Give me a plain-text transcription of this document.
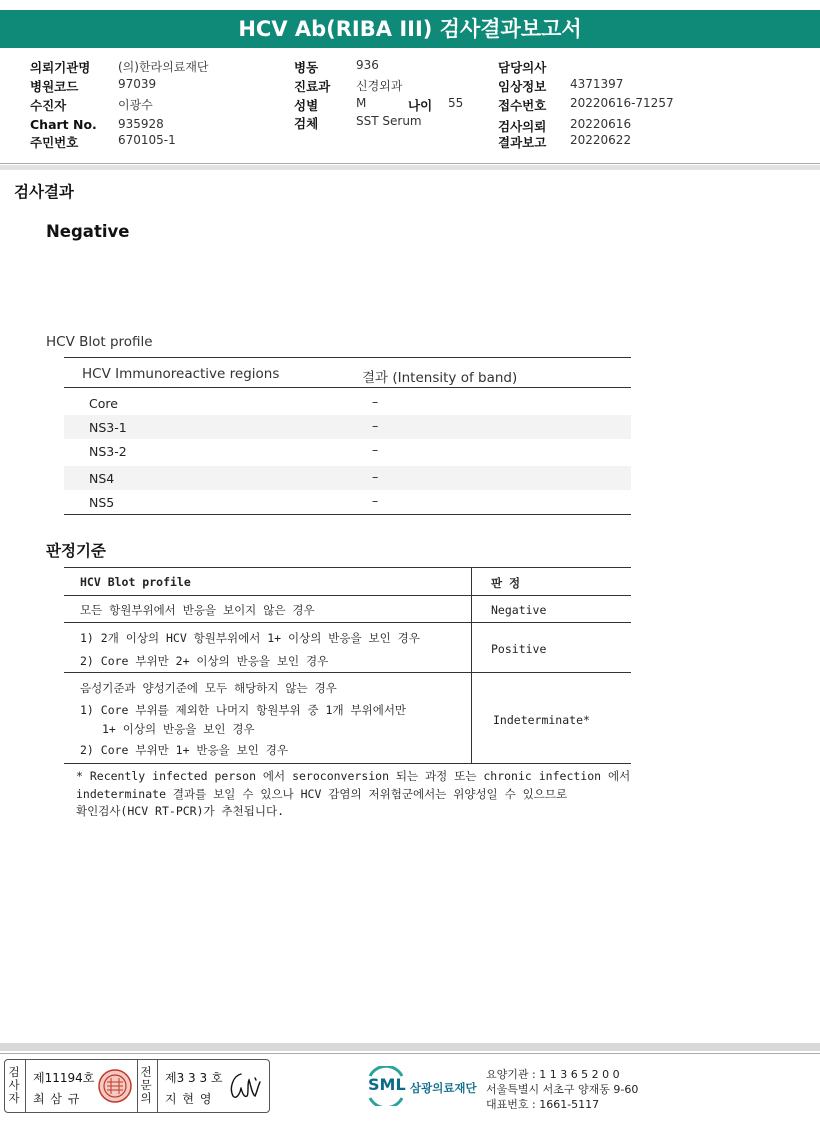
HCV Ab(RIBA III) 검사결과보고서
의뢰기관명 (의)한라의료재단
병원코드	97039
수진자	이광수
Chart No. 935928
주민번호	670105-1
병동	936
진료과 신경외과
성별	M	나이 55
검체	SST Serum
담당의사
임상정보 4371397
접수번호 20220616-71257
검사의뢰 20220616
결과보고 20220622
검사결과
Negative
HCV Blot profile
HCV Immunoreactive regions	결과 (Intensity of band)
Core	–
NS3-1	–
NS3-2	–
NS4	–
NS5	–
판정기준
HCV Blot profile	판 정
모든 항원부위에서 반응을 보이지 않은 경우	Negative
1) 2개 이상의 HCV 항원부위에서 1+ 이상의 반응을 보인 경우
2) Core 부위만 2+ 이상의 반응을 보인 경우
Positive
음성기준과 양성기준에 모두 해당하지 않는 경우
1) Core 부위를 제외한 나머지 항원부위 중 1개 부위에서만
1+ 이상의 반응을 보인 경우
2) Core 부위만 1+ 반응을 보인 경우
Indeterminate*
* Recently infected person 에서 seroconversion 되는 과정 또는 chronic infection 에서
indeterminate 결과를 보일 수 있으나 HCV 감염의 저위험군에서는 위양성일 수 있으므로
확인검사(HCV RT-PCR)가 추천됩니다.
검
사
자
제11194호
최 삼 규
전
문
의
제3 3 3 호
지 현 영
SML 삼광의료재단
요양기관 : 1 1 3 6 5 2 0 0
서울특별시 서초구 양재동 9-60
대표번호 : 1661-5117
